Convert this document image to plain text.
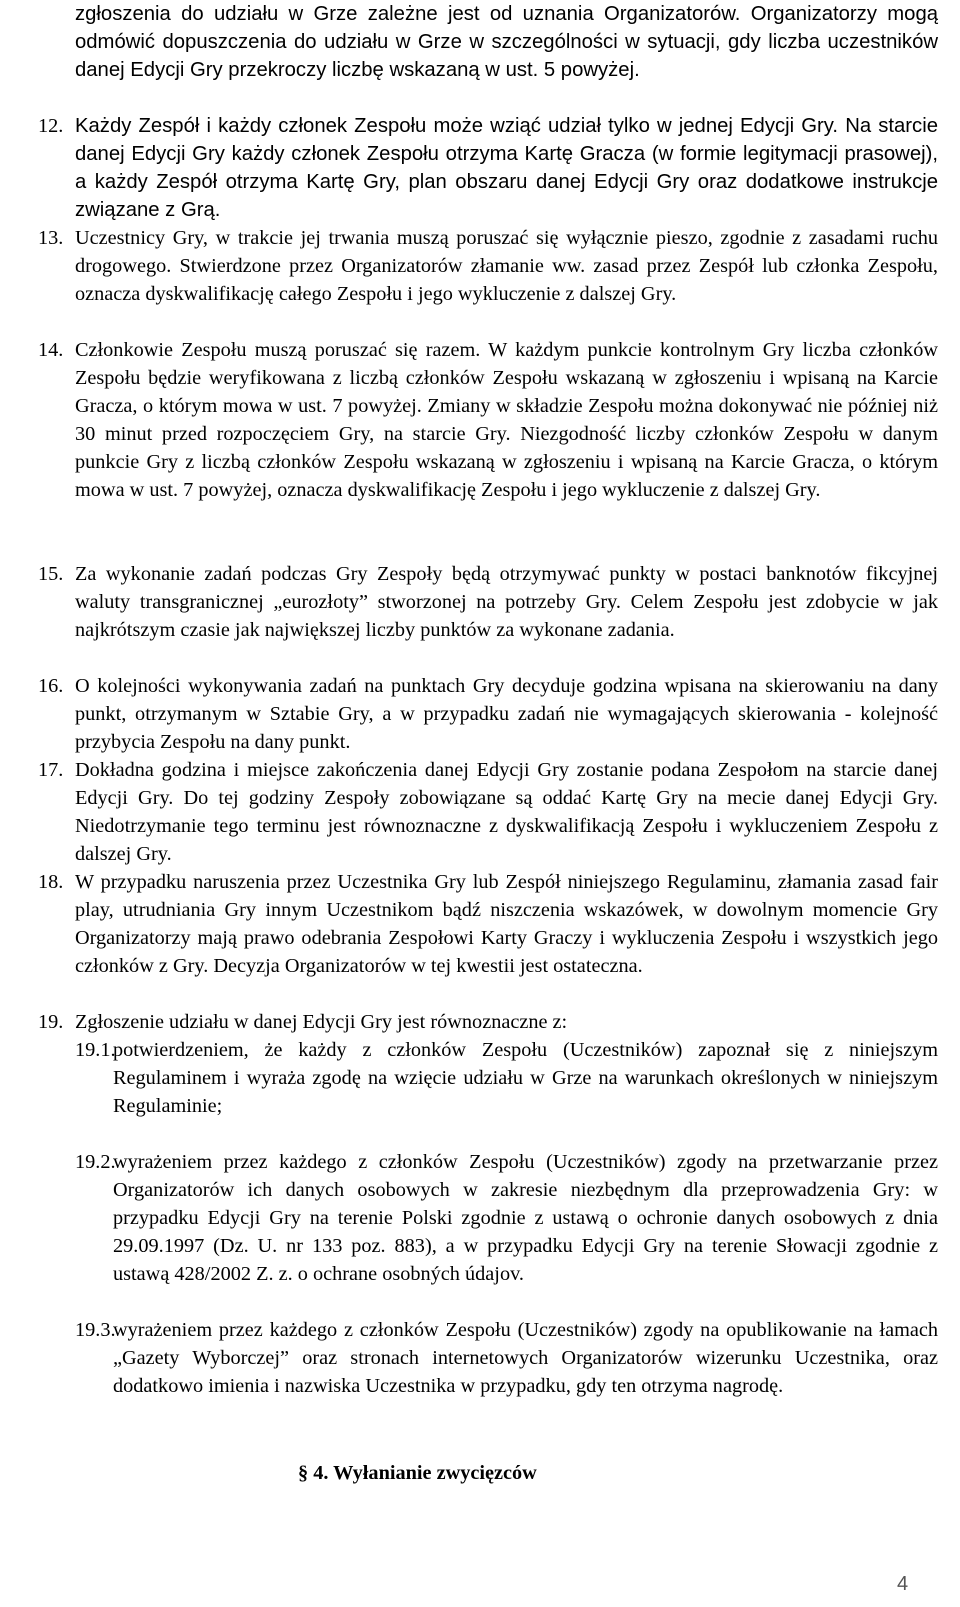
zgłoszenia do udziału w Grze zależne jest od uznania Organizatorów. Organizatorzy mogą odmówić dopuszczenia do udziału w Grze w szczególności w sytuacji, gdy liczba uczestników danej Edycji Gry przekroczy liczbę wskazaną w ust. 5 powyżej.

12. Każdy Zespół i każdy członek Zespołu może wziąć udział tylko w jednej Edycji Gry. Na starcie danej Edycji Gry każdy członek Zespołu otrzyma Kartę Gracza (w formie legitymacji prasowej), a każdy Zespół otrzyma Kartę Gry, plan obszaru danej Edycji Gry oraz dodatkowe instrukcje związane z Grą.
13. Uczestnicy Gry, w trakcie jej trwania muszą poruszać się wyłącznie pieszo, zgodnie z zasadami ruchu drogowego. Stwierdzone przez Organizatorów złamanie ww. zasad przez Zespół lub członka Zespołu, oznacza dyskwalifikację całego Zespołu i jego wykluczenie z dalszej Gry.
14. Członkowie Zespołu muszą poruszać się razem. W każdym punkcie kontrolnym Gry liczba członków Zespołu będzie weryfikowana z liczbą członków Zespołu wskazaną w zgłoszeniu i wpisaną na Karcie Gracza, o którym mowa w ust. 7 powyżej. Zmiany w składzie Zespołu można dokonywać nie później niż 30 minut przed rozpoczęciem Gry, na starcie Gry. Niezgodność liczby członków Zespołu w danym punkcie Gry z liczbą członków Zespołu wskazaną w zgłoszeniu i wpisaną na Karcie Gracza, o którym mowa w ust. 7 powyżej, oznacza dyskwalifikację Zespołu i jego wykluczenie z dalszej Gry.
15. Za wykonanie zadań podczas Gry Zespoły będą otrzymywać punkty w postaci banknotów fikcyjnej waluty transgranicznej „eurozłoty” stworzonej na potrzeby Gry. Celem Zespołu jest zdobycie w jak najkrótszym czasie jak największej liczby punktów za wykonane zadania.
16. O kolejności wykonywania zadań na punktach Gry decyduje godzina wpisana na skierowaniu na dany punkt, otrzymanym w Sztabie Gry, a w przypadku zadań nie wymagających skierowania - kolejność przybycia Zespołu na dany punkt.
17. Dokładna godzina i miejsce zakończenia danej Edycji Gry zostanie podana Zespołom na starcie danej Edycji Gry. Do tej godziny Zespoły zobowiązane są oddać Kartę Gry na mecie danej Edycji Gry. Niedotrzymanie tego terminu jest równoznaczne z dyskwalifikacją Zespołu i wykluczeniem Zespołu z dalszej Gry.
18. W przypadku naruszenia przez Uczestnika Gry lub Zespół niniejszego Regulaminu, złamania zasad fair play, utrudniania Gry innym Uczestnikom bądź niszczenia wskazówek, w dowolnym momencie Gry Organizatorzy mają prawo odebrania Zespołowi Karty Graczy i wykluczenia Zespołu i wszystkich jego członków z Gry. Decyzja Organizatorów w tej kwestii jest ostateczna.
19. Zgłoszenie udziału w danej Edycji Gry jest równoznaczne z:
19.1.
potwierdzeniem, że każdy z członków Zespołu (Uczestników) zapoznał się z niniejszym Regulaminem i wyraża zgodę na wzięcie udziału w Grze na warunkach określonych w niniejszym Regulaminie;
19.2.
wyrażeniem przez każdego z członków Zespołu (Uczestników) zgody na przetwarzanie przez Organizatorów ich danych osobowych w zakresie niezbędnym dla przeprowadzenia Gry: w przypadku Edycji Gry na terenie Polski zgodnie z ustawą o ochronie danych osobowych z dnia 29.09.1997 (Dz. U. nr 133 poz. 883), a w przypadku Edycji Gry na terenie Słowacji zgodnie z ustawą 428/2002 Z. z. o ochrane osobných údajov.
19.3.
wyrażeniem przez każdego z członków Zespołu (Uczestników) zgody na opublikowanie na łamach „Gazety Wyborczej” oraz stronach internetowych Organizatorów wizerunku Uczestnika, oraz dodatkowo imienia i nazwiska Uczestnika w przypadku, gdy ten otrzyma nagrodę.
§ 4. Wyłanianie zwycięzców
4
